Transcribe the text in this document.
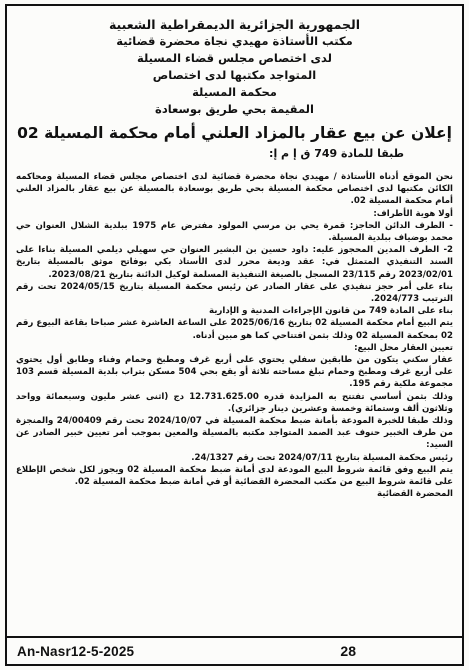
الجمهورية الجزائرية الديمقراطية الشعبية
مكتب الأستاذة مهيدي نجاة محضرة قضائية
لدى اختصاص مجلس قضاء المسيلة
المتواجد مكتبها لدى اختصاص
محكمة المسيلة
المقيمة بحي طريق بوسعادة
إعلان عن بيع عقار بالمزاد العلني أمام محكمة المسيلة 02
طبقا للمادة 749 ق إ م إ:

نحن الموقع أدناه الأستاذة / مهيدي نجاة محضرة قضائية لدى اختصاص مجلس قضاء المسيلة ومحاكمه الكائن مكتبها لدى اختصاص محكمة المسيلة بحي طريق بوسعادة بالمسيلة عن بيع عقار بالمزاد العلني أمام محكمة المسيلة 02.

أولا هوية الأطراف:

- الطرف الدائن الحاجز: قمرة يحي بن مرسي المولود مفترض عام 1975 ببلدية الشلال العنوان حي محمد بوضياف ببلدية المسيلة.

2- الطرف المدين المحجوز عليه: داود حسين بن البشير العنوان حي سهيلي ديلمي المسيلة بناءا على السند التنفيذي المتمثل في: عقد وديعة محرر لدى الأستاذ بكي بوفاتح موثق بالمسيلة بتاريخ 2023/02/01 رقم 23/115 المسجل بالصيغة التنفيذية المسلمة لوكيل الدائنة بتاريخ 2023/08/21.

بناء على أمر حجز تنفيذي على عقار الصادر عن رئيس محكمة المسيلة بتاريخ 2024/05/15 تحت رقم الترتيب 2024/773.

بناء على المادة 749 من قانون الإجراءات المدنية و الإدارية

يتم البيع أمام محكمة المسيلة 02 بتاريخ 2025/06/16 على الساعة العاشرة عشر صباحا بقاعة البيوع رقم 02 بمحكمة المسيلة 02 وذلك بثمن افتتاحي كما هو مبين أدناه.

تعيين العقار محل البيع:

عقار سكني يتكون من طابقين سفلي يحتوي على أربع غرف ومطبخ وحمام وفناء وطابق أول يحتوي على أربع غرف ومطبخ وحمام تبلغ مساحته ثلاثة أو يقع بحي 504 مسكن بتراب بلدية المسيلة قسم 103 مجموعة ملكية رقم 195.

وذلك بثمن أساسي تفتتح به المزايدة قدره 12.731.625.00 دج (اثنى عشر مليون وسبعمائة وواحد وثلاثون ألف وستمائة وخمسة وعشرين دينار جزائري).

وذلك طبقا للخبرة المودعة بأمانة ضبط محكمة المسيلة في 2024/10/07 تحت رقم 24/00409 والمنجزة من طرف الخبير حنوف عبد الصمد المتواجد مكتبه بالمسيلة والمعين بموجب أمر تعيين خبير الصادر عن السيد:

رئيس محكمة المسيلة بتاريخ 2024/07/11 تحت رقم 24/1327.

يتم البيع وفق قائمة شروط البيع المودعة لدى أمانة ضبط محكمة المسيلة 02 ويجوز لكل شخص الإطلاع على قائمة شروط البيع من مكتب المحضرة القضائية أو في أمانة ضبط محكمة المسيلة 02.

المحضرة القضائية

An-Nasr12-5-2025	28
